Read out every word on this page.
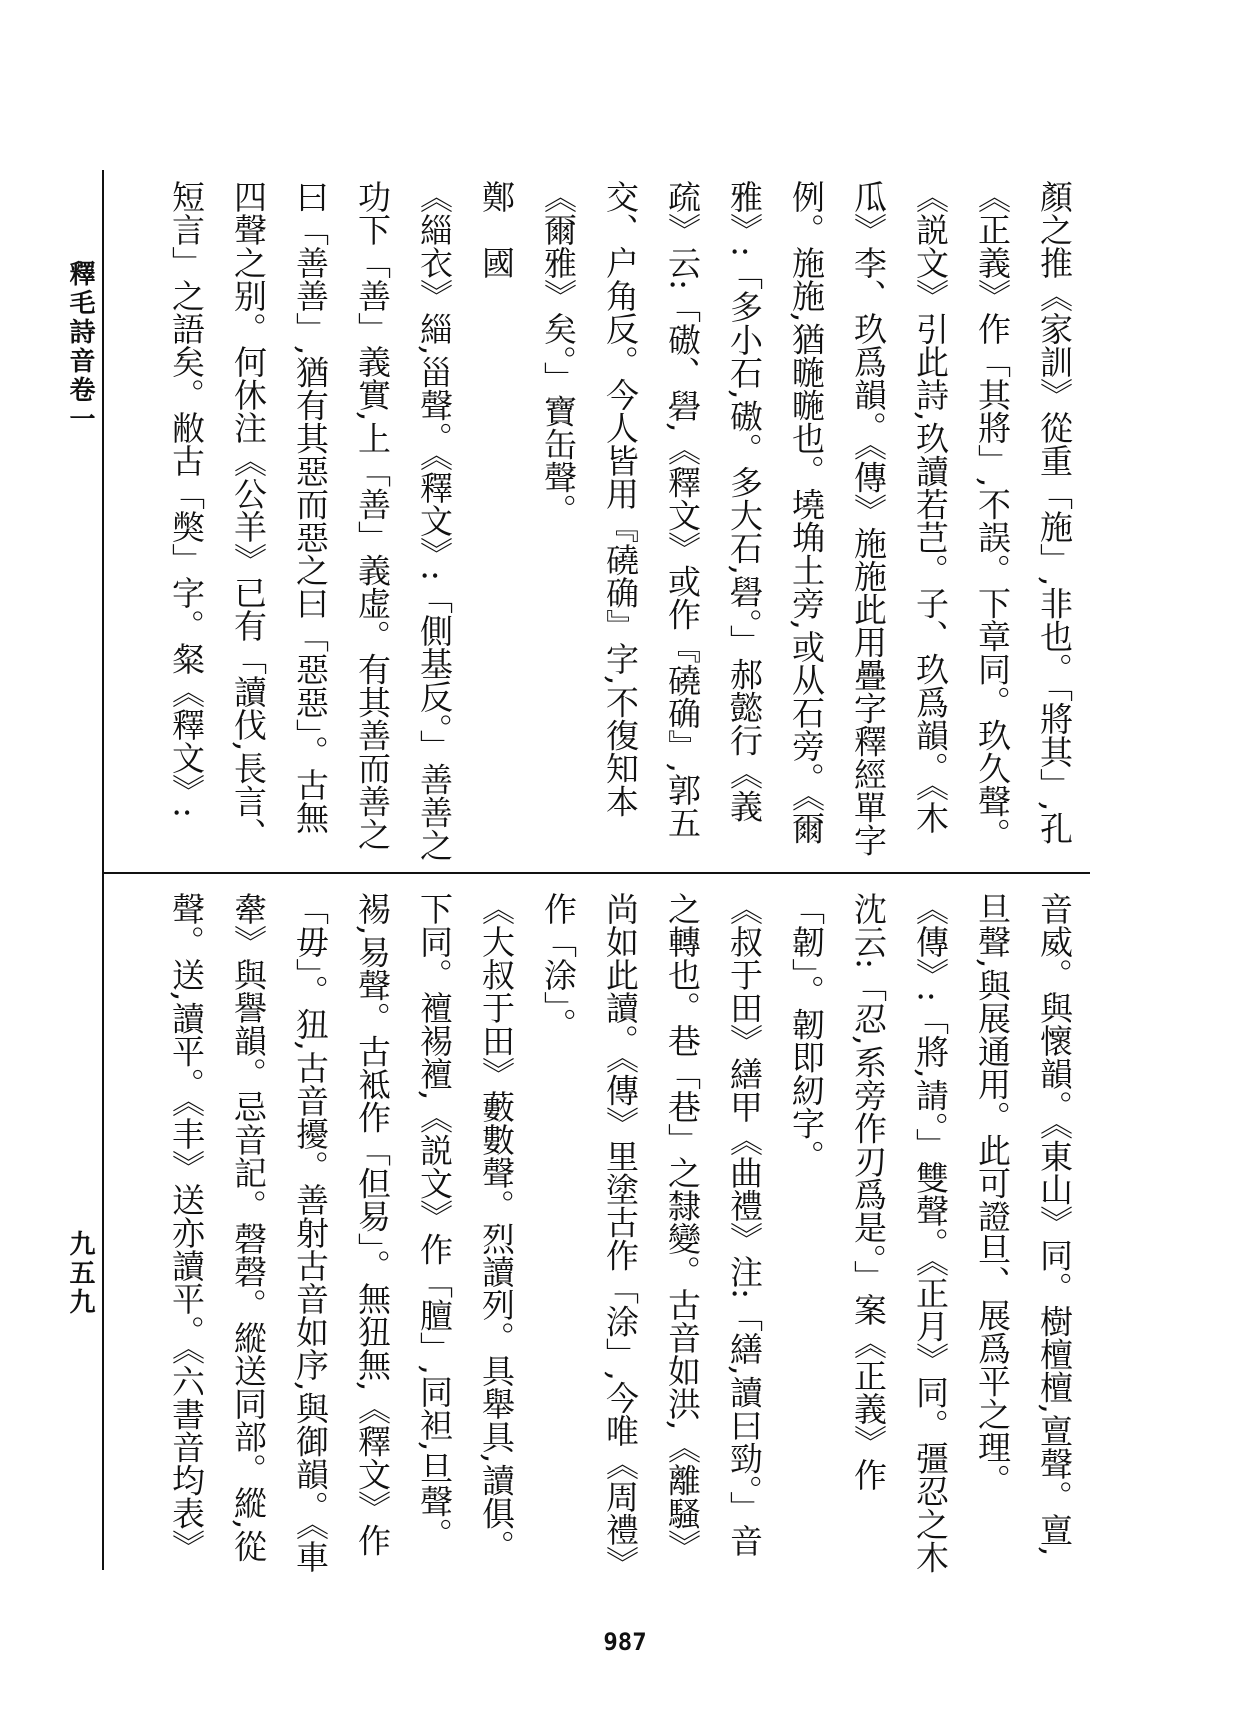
釋毛詩音卷一
九五九
顏之推《家訓》從重「施」,非也。「將其」,孔《正義》作「其將」,不誤。下章同。玖久聲。《説文》引此詩,玖讀若芑。子、玖爲韻。《木瓜》李、玖爲韻。《傳》施施此用疊字釋經單字例。施施,猶暆暆也。墝埆土旁,或从石旁。《爾雅》:「多小石,磝。多大石,礐。」郝懿行《義疏》云:「磝、礐,《釋文》或作『磽确』,郭五交、户角反。今人皆用『磽确』字,不復知本《爾雅》矣。」寶缶聲。
鄭　國
《緇衣》緇,甾聲。《釋文》:「側基反。」善善之功下「善」義實,上「善」義虚。有其善而善之曰「善善」,猶有其惡而惡之曰「惡惡」。古無四聲之别。何休注《公羊》已有「讀伐,長言、短言」之語矣。敝古「獘」字。粲《釋文》:

音威。與懷韻。《東山》同。樹檀檀,亶聲。亶,旦聲,與展通用。此可證旦、展爲平之理。《傳》:「將,請。」雙聲。《正月》同。彊忍之木沈云:「忍,系旁作刃爲是。」案《正義》作「韌」。韌即紉字。
《叔于田》繕甲《曲禮》注:「繕,讀曰勁。」音之轉也。巷「巷」之隸變。古音如洪,《離騷》尚如此讀。《傳》里塗古作「涂」,今唯《周禮》作「涂」。
《大叔于田》藪數聲。烈讀列。具舉具,讀俱。下同。襢裼襢,《説文》作「膻」,同袒,旦聲。裼,易聲。古袛作「但易」。無狃無,《釋文》作「毋」。狃,古音擾。善射古音如序,與御韻。《車舝》與譽韻。忌音記。磬磬。縱送同部。縱,從聲。送,讀平。《丰》送亦讀平。《六書音均表》
987
